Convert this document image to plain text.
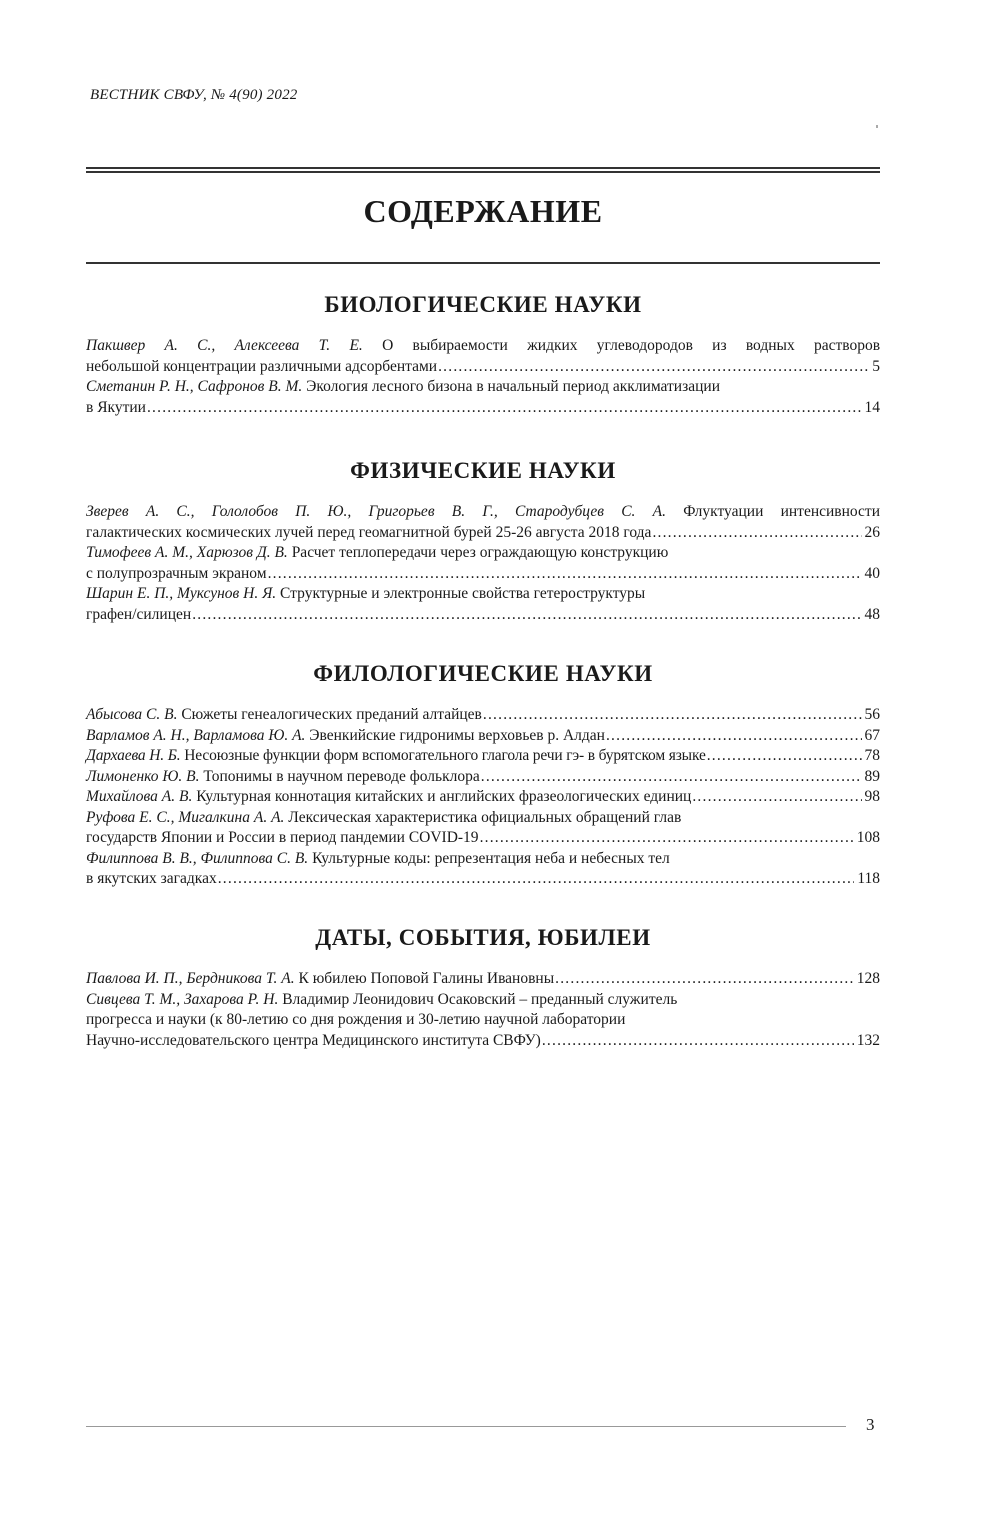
ВЕСТНИК СВФУ, № 4(90) 2022
СОДЕРЖАНИЕ
БИОЛОГИЧЕСКИЕ НАУКИ
Пакшвер А. С., Алексеева Т. Е. О выбираемости жидких углеводородов из водных растворов
небольшой концентрации различными адсорбентами .....	5
Сметанин Р. Н., Сафронов В. М. Экология лесного бизона в начальный период акклиматизации
в Якутии .....	14
ФИЗИЧЕСКИЕ НАУКИ
Зверев А. С., Гололобов П. Ю., Григорьев В. Г., Стародубцев С. А. Флуктуации интенсивности
галактических космических лучей перед геомагнитной бурей 25-26 августа 2018 года .....	26
Тимофеев А. М., Харюзов Д. В. Расчет теплопередачи через ограждающую конструкцию
с полупрозрачным экраном .....	40
Шарин Е. П., Муксунов Н. Я. Структурные и электронные свойства гетероструктуры
графен/силицен .....	48
ФИЛОЛОГИЧЕСКИЕ НАУКИ
Абысова С. В. Сюжеты генеалогических преданий алтайцев .....	56
Варламов А. Н., Варламова Ю. А. Эвенкийские гидронимы верховьев р. Алдан .....	67
Дархаева Н. Б. Несоюзные функции форм вспомогательного глагола речи гэ- в бурятском языке .....	78
Лимоненко Ю. В. Топонимы в научном переводе фольклора .....	89
Михайлова А. В. Культурная коннотация китайских и английских фразеологических единиц .....	98
Руфова Е. С., Мигалкина А. А. Лексическая характеристика официальных обращений глав
государств Японии и России в период пандемии COVID-19 .....	108
Филиппова В. В., Филиппова С. В. Культурные коды: репрезентация неба и небесных тел
в якутских загадках .....	118
ДАТЫ, СОБЫТИЯ, ЮБИЛЕИ
Павлова И. П., Бердникова Т. А. К юбилею Поповой Галины Ивановны .....	128
Сивцева Т. М., Захарова Р. Н. Владимир Леонидович Осаковский – преданный служитель
прогресса и науки (к 80-летию со дня рождения и 30-летию научной лаборатории
Научно-исследовательского центра Медицинского института СВФУ) .....	132
3
